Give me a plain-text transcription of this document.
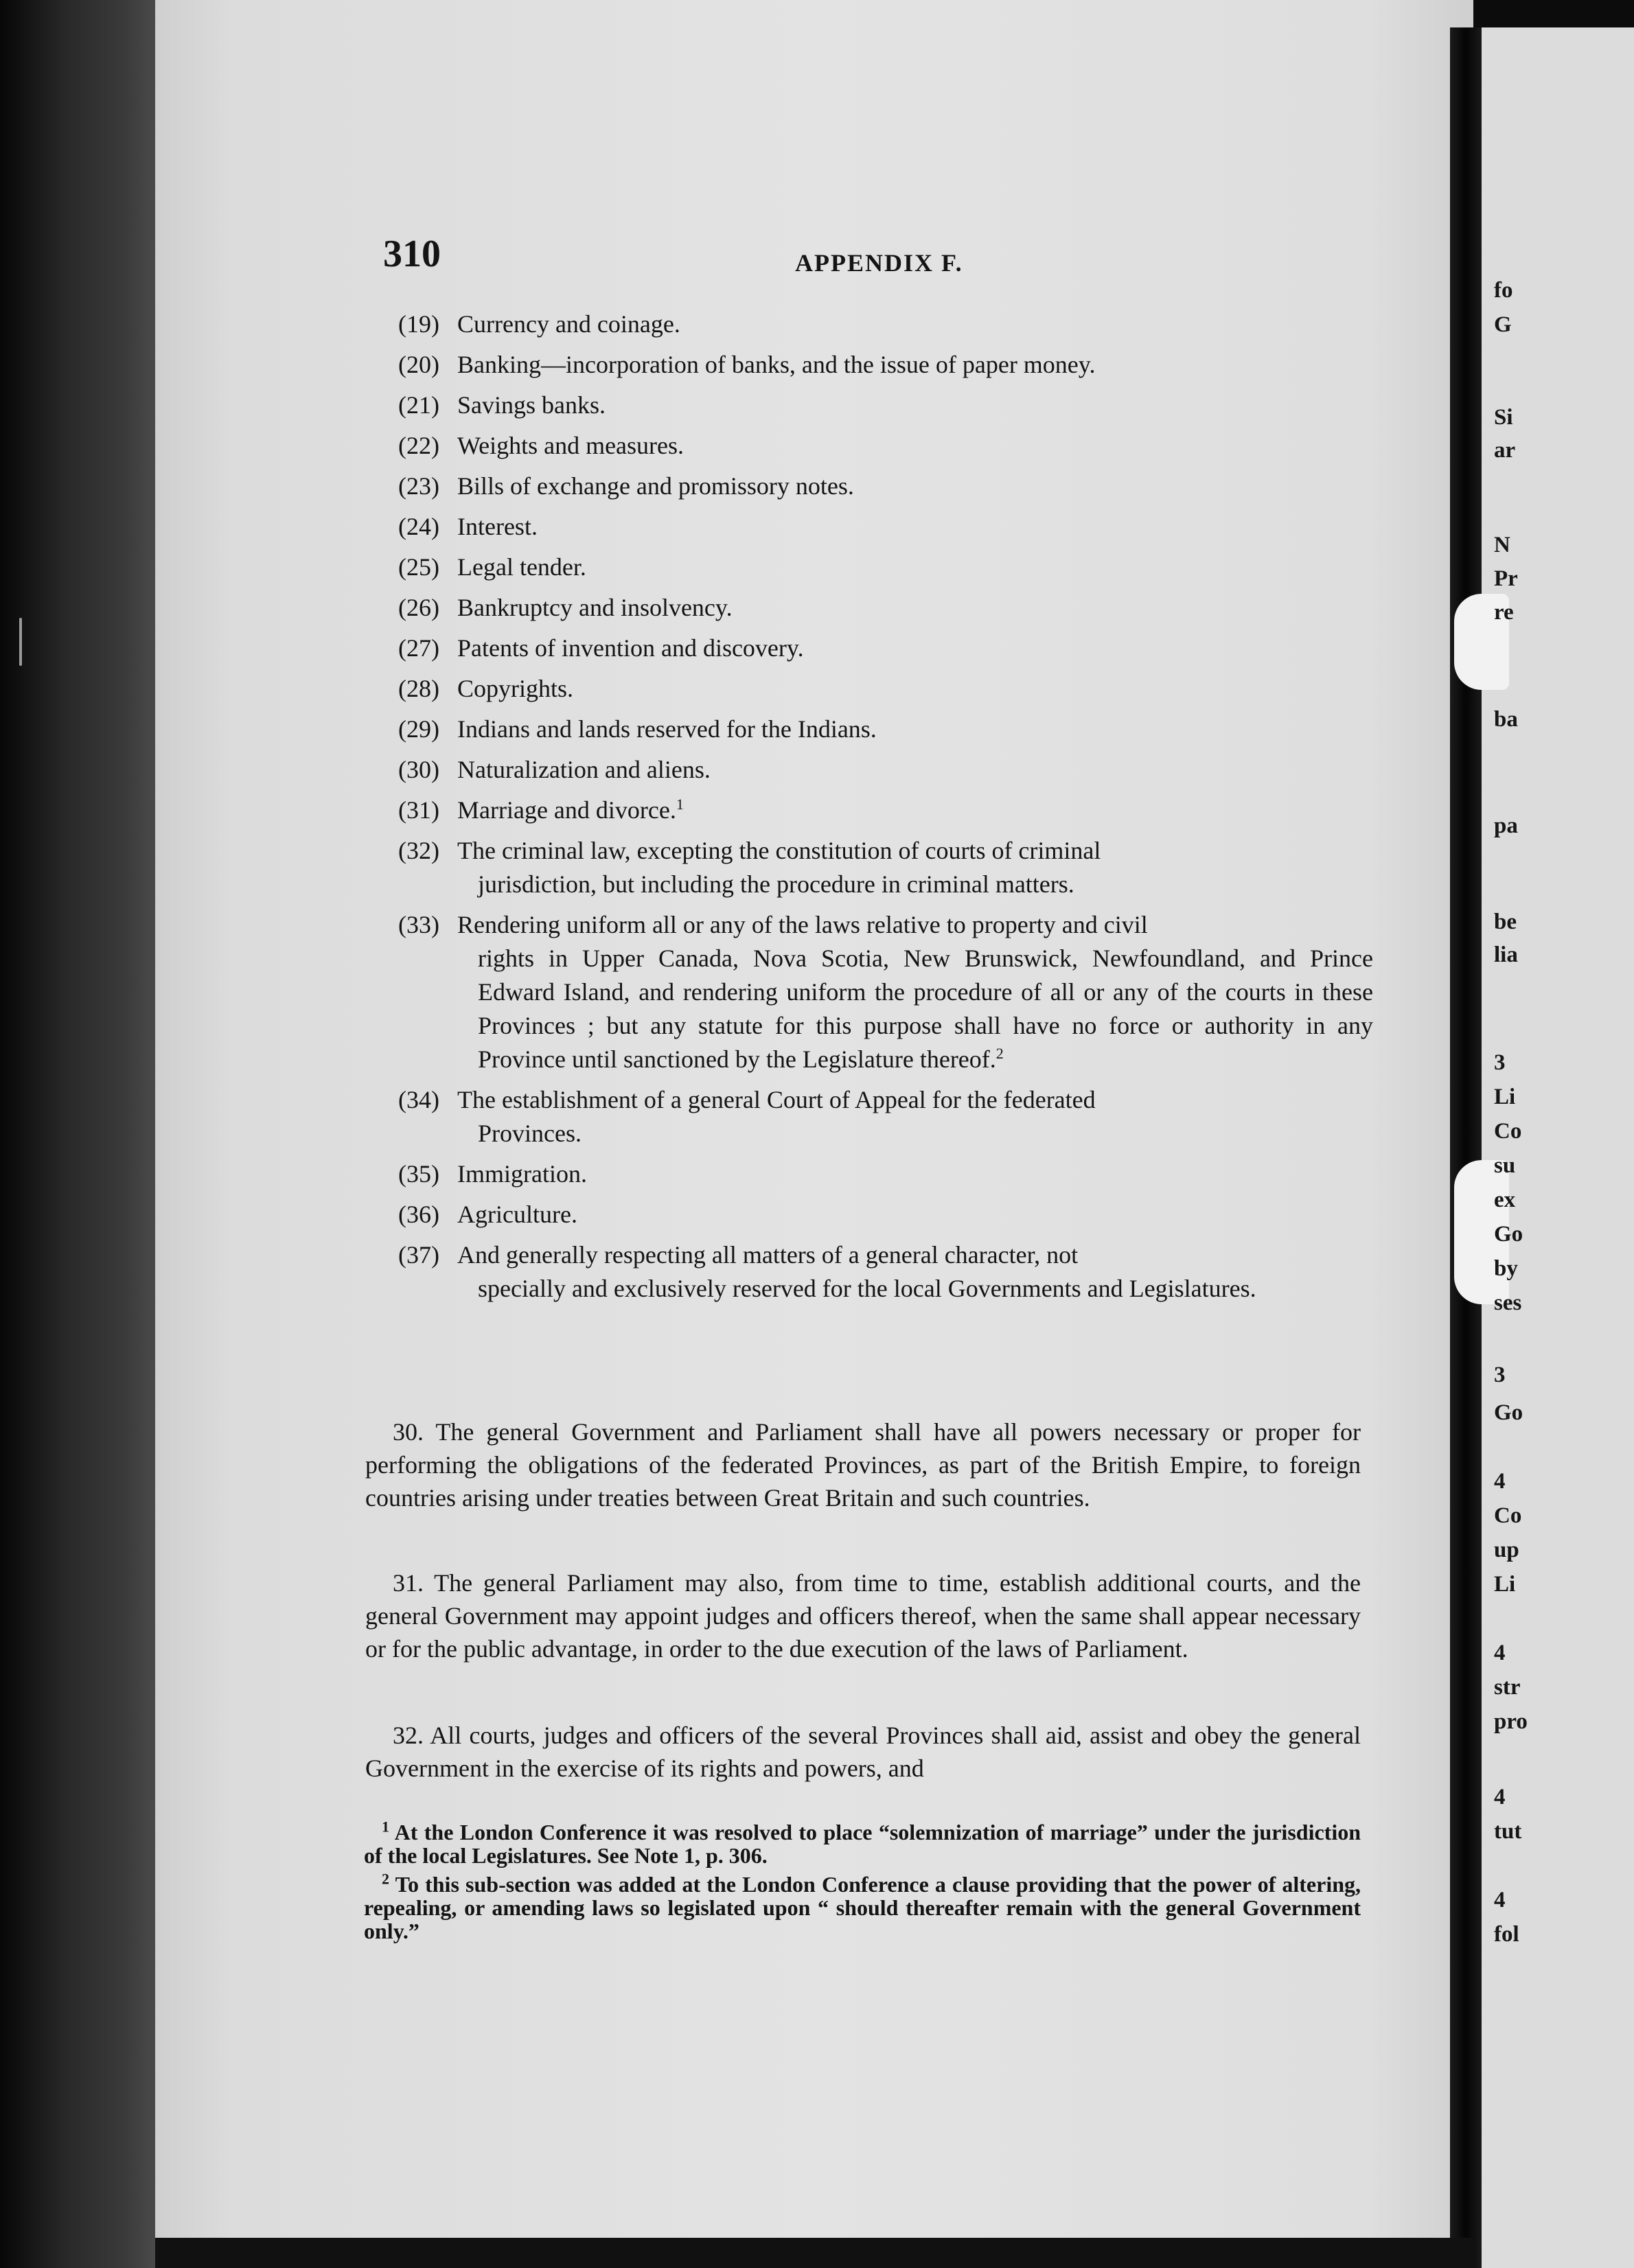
fo
G
Si
ar
N
Pr
re
ba
pa
be
lia
3
Li
Co
su
ex
Go
by
ses
3
Go
4
Co
up
Li
4
str
pro
4
tut
4
fol
310	APPENDIX F.
(19) Currency and coinage.
(20) Banking—incorporation of banks, and the issue of paper money.
(21) Savings banks.
(22) Weights and measures.
(23) Bills of exchange and promissory notes.
(24) Interest.
(25) Legal tender.
(26) Bankruptcy and insolvency.
(27) Patents of invention and discovery.
(28) Copyrights.
(29) Indians and lands reserved for the Indians.
(30) Naturalization and aliens.
(31) Marriage and divorce.$^1$
(32) The criminal law, excepting the constitution of courts of criminal
jurisdiction, but including the procedure in criminal matters.
(33) Rendering uniform all or any of the laws relative to property and civil
rights in Upper Canada, Nova Scotia, New Brunswick, Newfoundland, and Prince Edward Island, and rendering uniform the procedure of all or any of the courts in these Provinces ; but any statute for this purpose shall have no force or authority in any Province until sanctioned by the Legislature thereof.$^2$
(34) The establishment of a general Court of Appeal for the federated
Provinces.
(35) Immigration.
(36) Agriculture.
(37) And generally respecting all matters of a general character, not
specially and exclusively reserved for the local Governments and Legislatures.
30. The general Government and Parliament shall have all powers necessary or proper for performing the obligations of the federated Provinces, as part of the British Empire, to foreign countries arising under treaties between Great Britain and such countries.
31. The general Parliament may also, from time to time, establish additional courts, and the general Government may appoint judges and officers thereof, when the same shall appear necessary or for the public advantage, in order to the due execution of the laws of Parliament.
32. All courts, judges and officers of the several Provinces shall aid, assist and obey the general Government in the exercise of its rights and powers, and
$^1$ At the London Conference it was resolved to place “solemnization of marriage” under the jurisdiction of the local Legislatures. See Note 1, p. 306.
$^2$ To this sub-section was added at the London Conference a clause providing that the power of altering, repealing, or amending laws so legislated upon “ should thereafter remain with the general Government only.”
